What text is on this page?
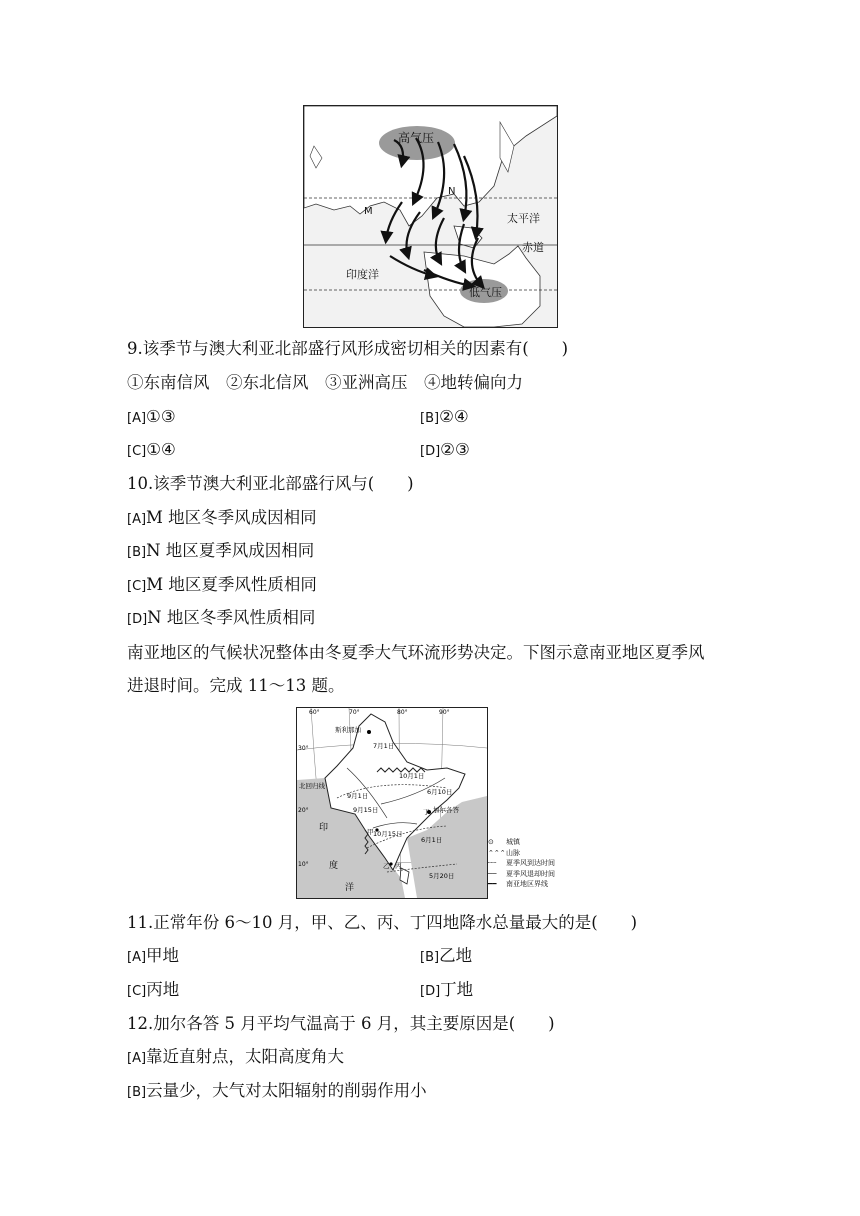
高气压
低气压
太平洋
赤道
印度洋
M
N
9.该季节与澳大利亚北部盛行风形成密切相关的因素有(　　)
①东南信风　②东北信风　③亚洲高压　④地转偏向力
[A]①③	[B]②④
[C]①④	[D]②③
10.该季节澳大利亚北部盛行风与(　　)
[A]M 地区冬季风成因相同
[B]N 地区夏季风成因相同
[C]M 地区夏季风性质相同
[D]N 地区冬季风性质相同
南亚地区的气候状况整体由冬夏季大气环流形势决定。下图示意南亚地区夏季风
进退时间。完成 11～13 题。
60°	70°	80°	90°
30°
20°
10°
斯利那加
加尔各答
丁
甲
乙 丙
北回归线
7月1日
9月1日
9月15日
10月1日
6月10日
10月15日
6月1日
5月20日
印
度
洋
⊙ 城镇
⌃⌃⌃山脉
┄┄ 夏季风到达时间
── 夏季风退却时间
━━ 南亚地区界线
11.正常年份 6～10 月，甲、乙、丙、丁四地降水总量最大的是(　　)
[A]甲地	[B]乙地
[C]丙地	[D]丁地
12.加尔各答 5 月平均气温高于 6 月，其主要原因是(　　)
[A]靠近直射点，太阳高度角大
[B]云量少，大气对太阳辐射的削弱作用小
